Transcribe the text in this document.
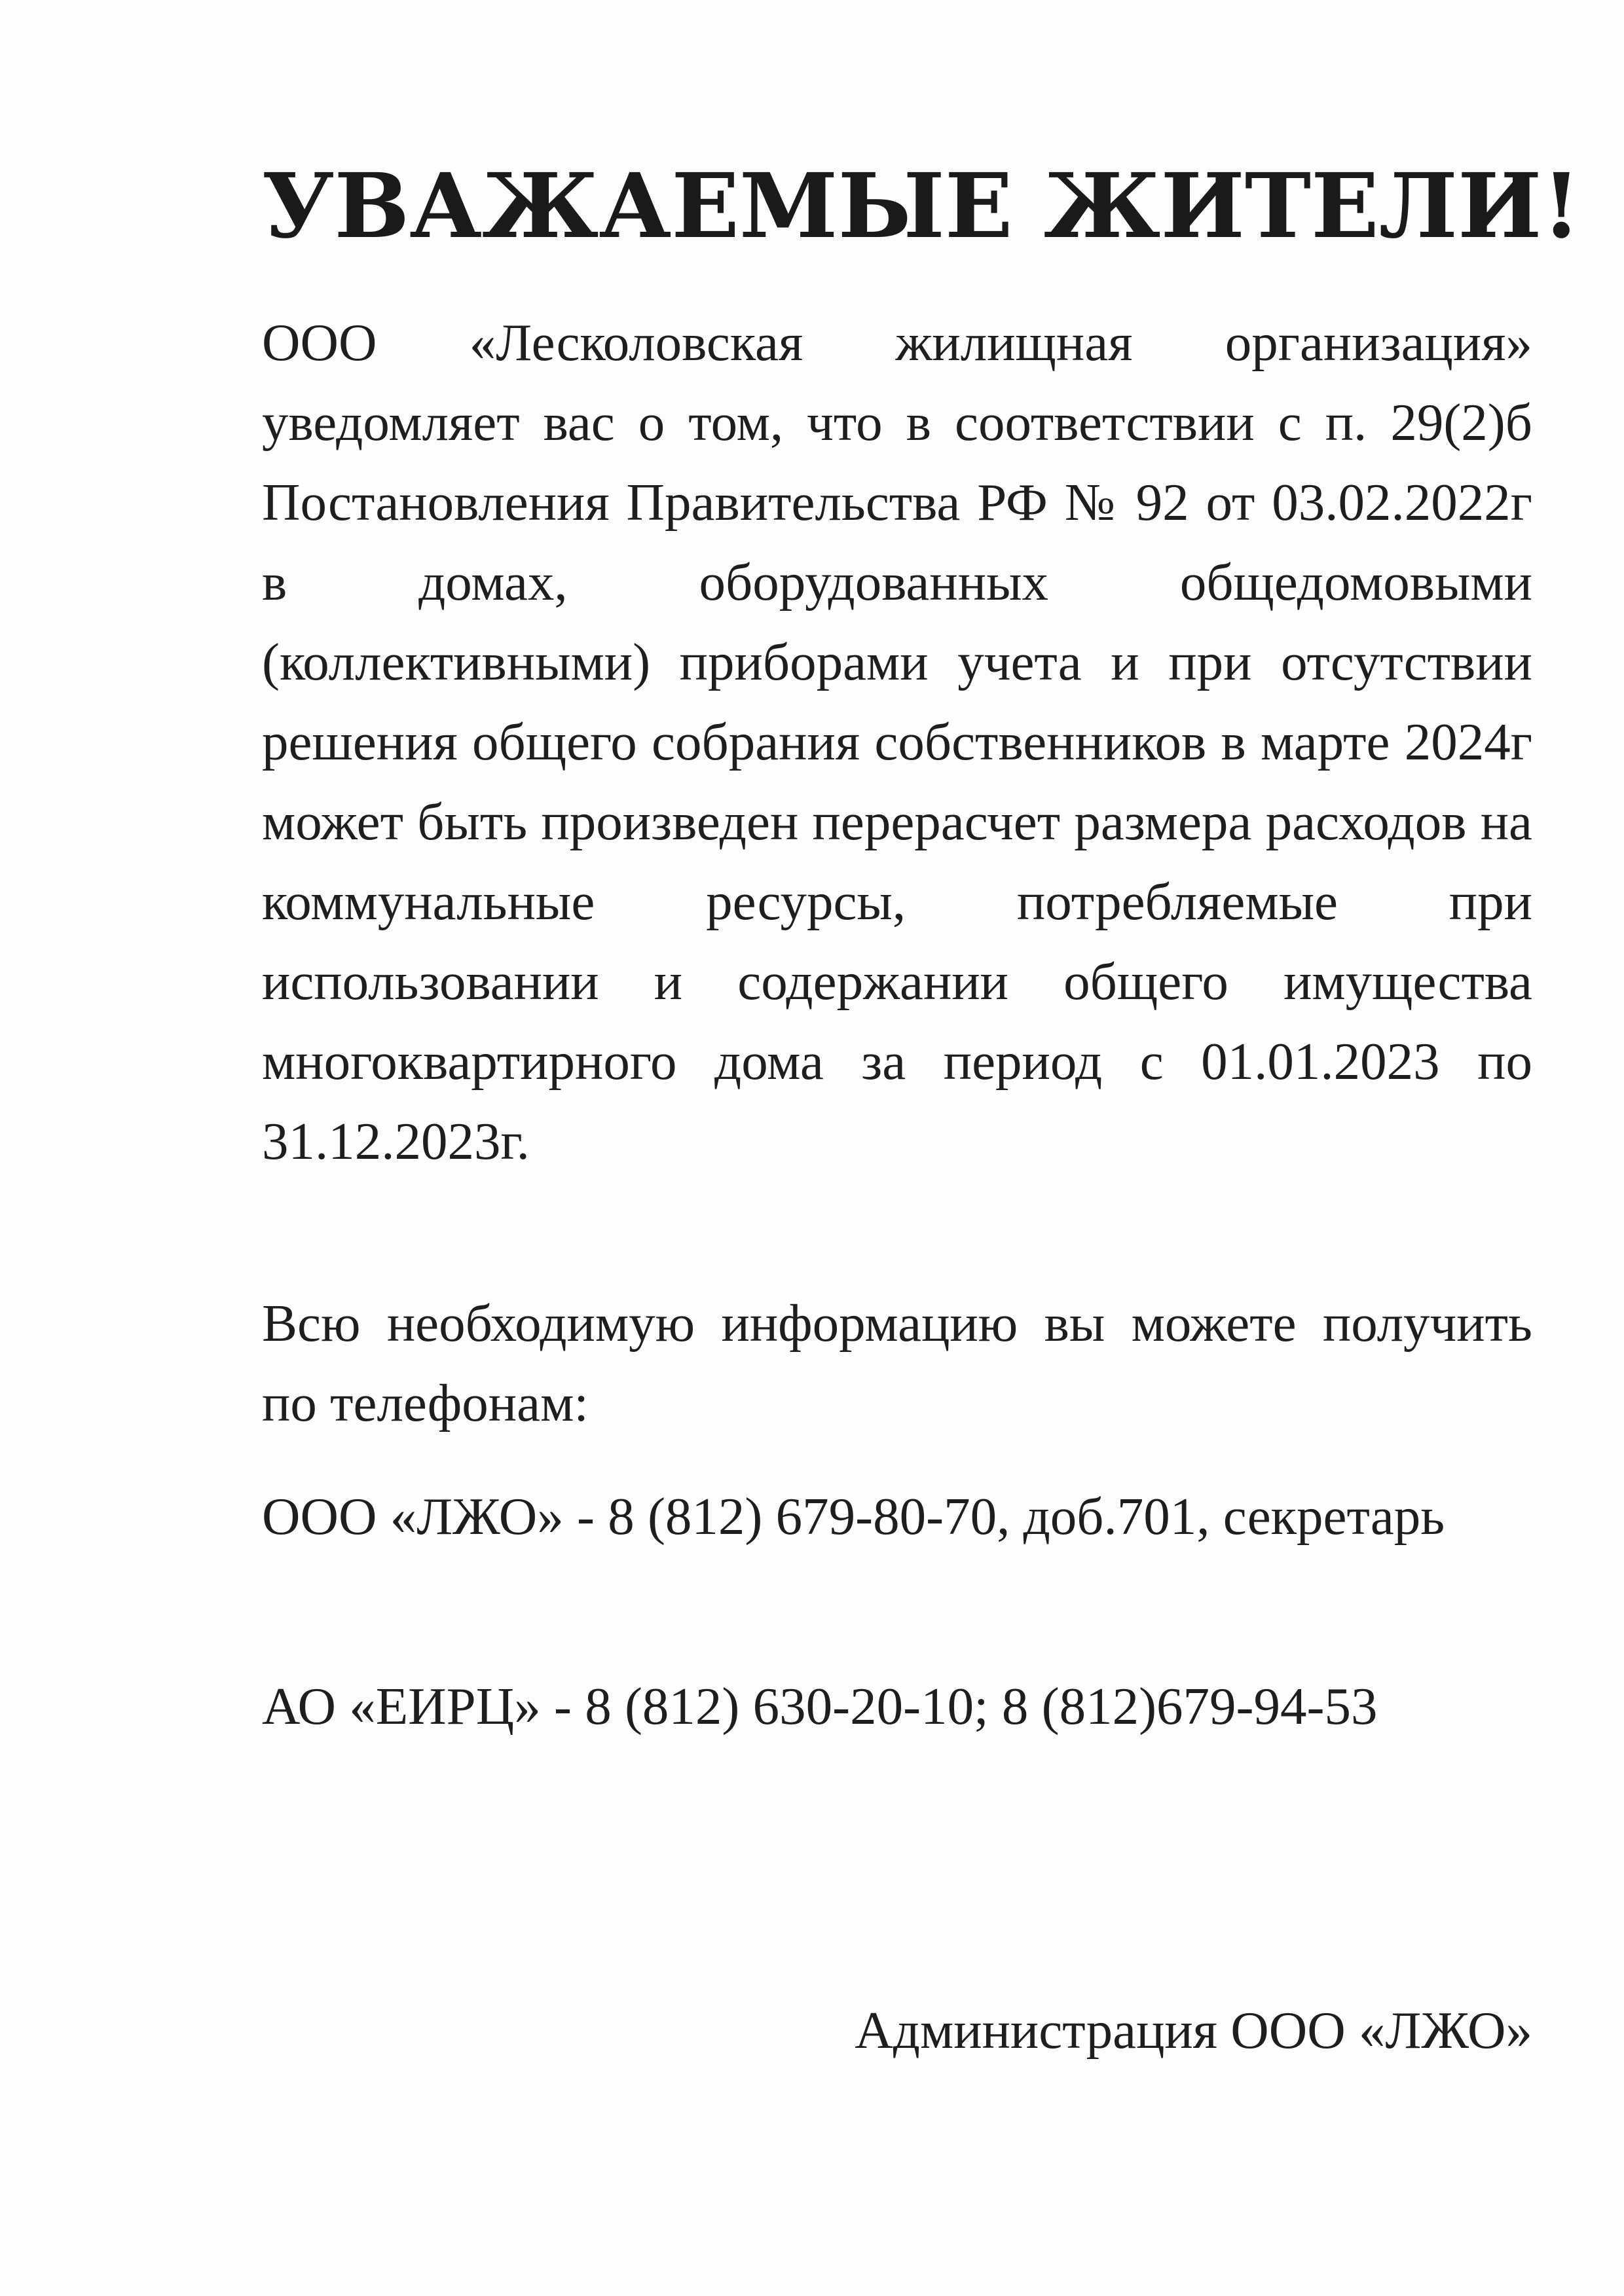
УВАЖАЕМЫЕ ЖИТЕЛИ!

ООО «Лесколовская жилищная организация» уведомляет вас о том, что в соответствии с п. 29(2)б Постановления Правительства РФ № 92 от 03.02.2022г в домах, оборудованных общедомовыми (коллективными) приборами учета и при отсутствии решения общего собрания собственников в марте 2024г может быть произведен перерасчет размера расходов на коммунальные ресурсы, потребляемые при использовании и содержании общего имущества многоквартирного дома за период с 01.01.2023 по 31.12.2023г.

Всю необходимую информацию вы можете получить по телефонам:

ООО «ЛЖО» - 8 (812) 679-80-70, доб.701, секретарь

АО «ЕИРЦ» - 8 (812) 630-20-10; 8 (812)679-94-53

Администрация ООО «ЛЖО»
